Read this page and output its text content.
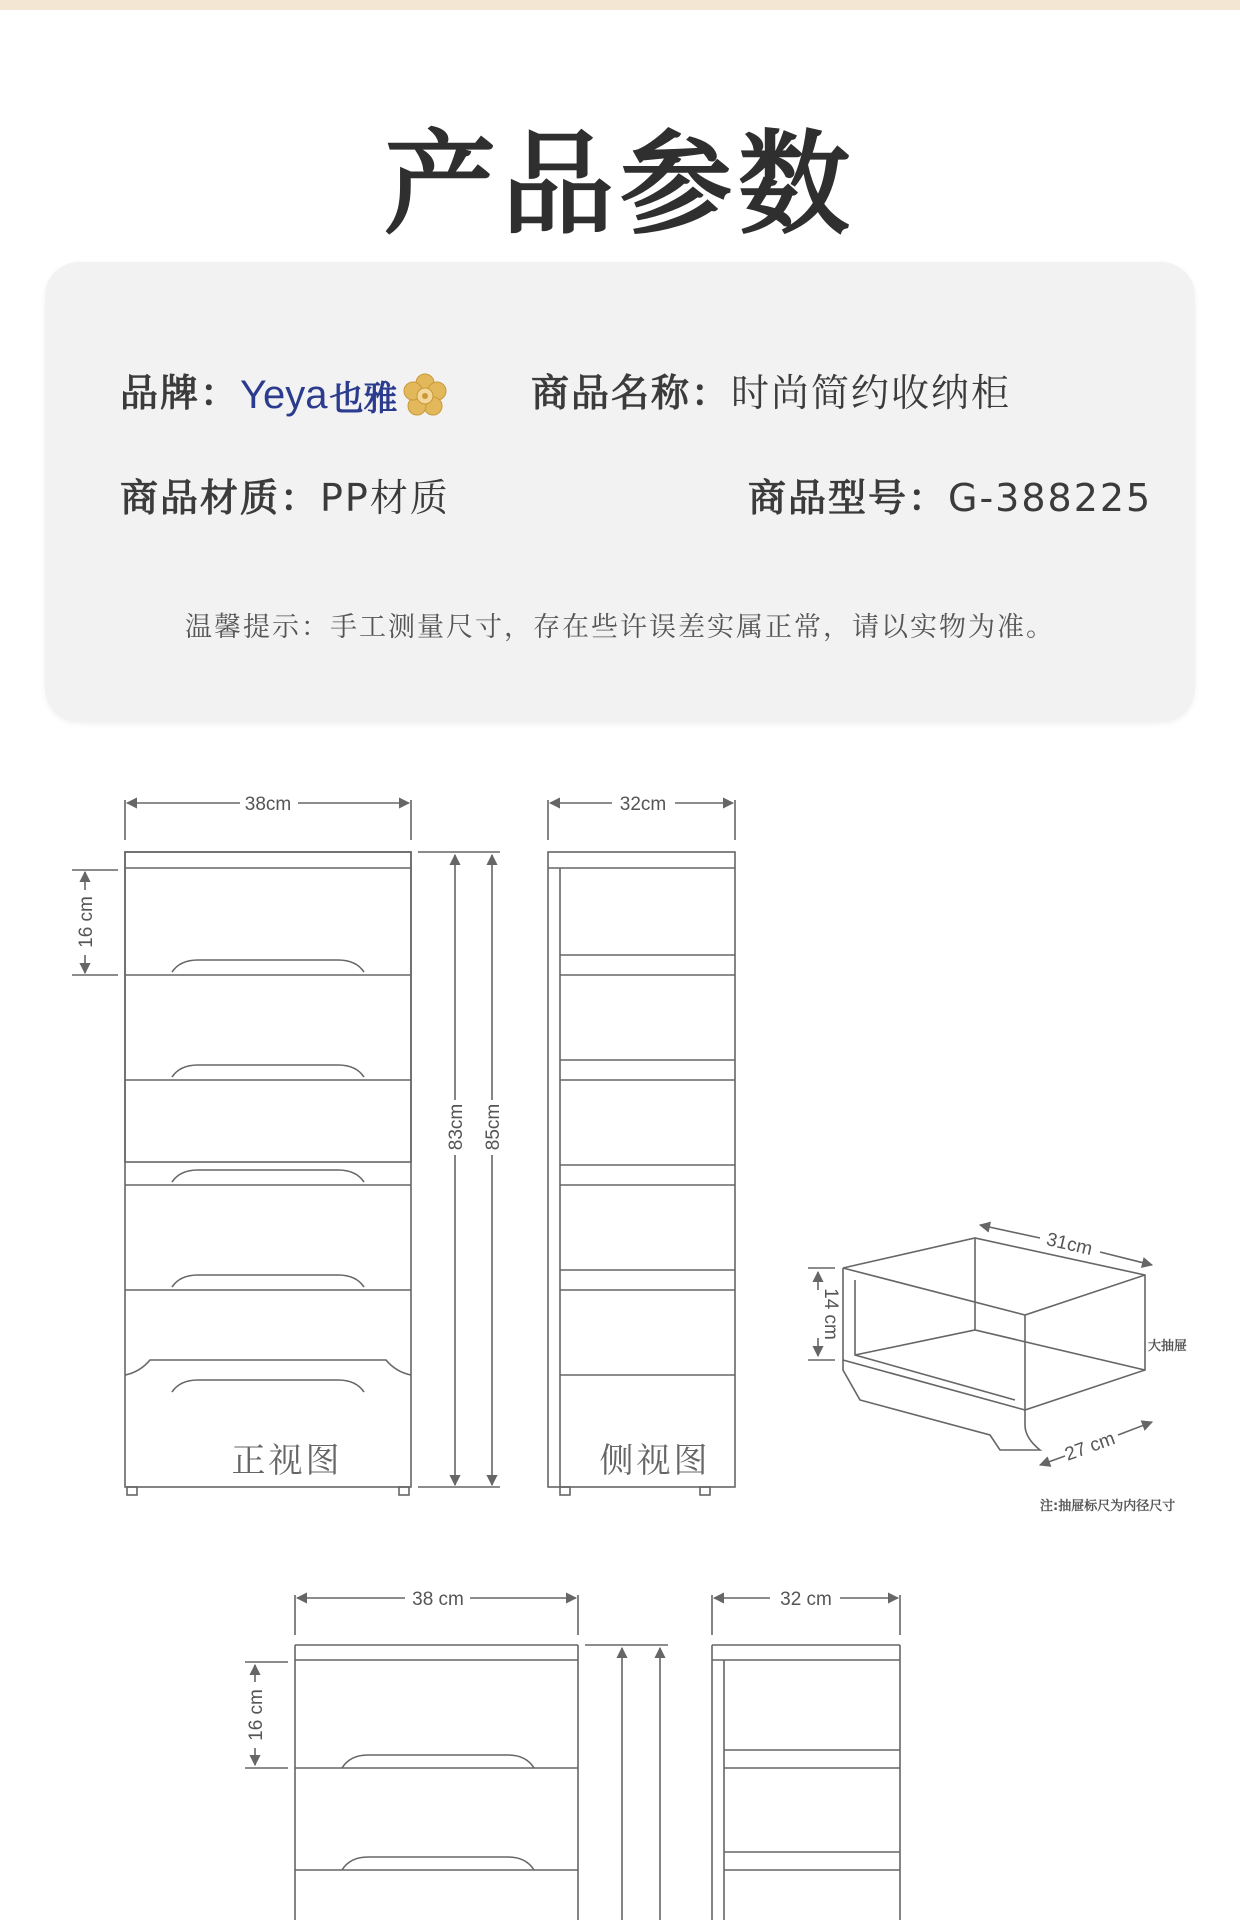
产品参数
品牌： Yeya 也雅	商品名称：时尚简约收纳柜
商品材质：PP材质	商品型号：G-388225
温馨提示：手工测量尺寸，存在些许误差实属正常，请以实物为准。
38cm
16 cm
83cm 85cm
32cm
正视图	侧视图
31cm
14 cm
27 cm
大抽屉
注:抽屉标尺为内径尺寸
38 cm
16 cm
32 cm
